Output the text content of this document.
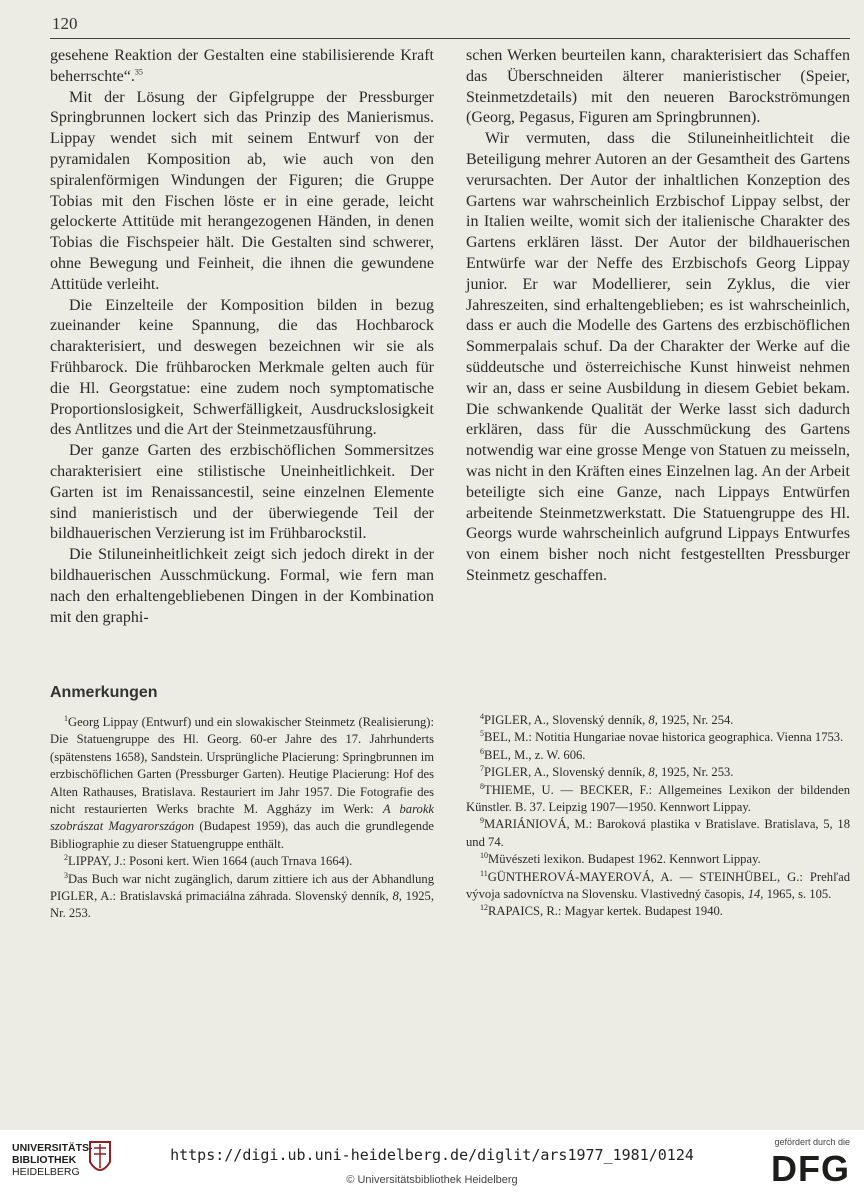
120

gesehene Reaktion der Gestalten eine stabilisierende Kraft beherrschte“.$^{35}$

Mit der Lösung der Gipfelgruppe der Pressburger Springbrunnen lockert sich das Prinzip des Manierismus. Lippay wendet sich mit seinem Entwurf von der pyramidalen Komposition ab, wie auch von den spiralenförmigen Windungen der Figuren; die Gruppe Tobias mit den Fischen löste er in eine gerade, leicht gelockerte Attitüde mit herangezogenen Händen, in denen Tobias die Fischspeier hält. Die Gestalten sind schwerer, ohne Bewegung und Feinheit, die ihnen die gewundene Attitüde verleiht.

Die Einzelteile der Komposition bilden in bezug zueinander keine Spannung, die das Hochbarock charakterisiert, und deswegen bezeichnen wir sie als Frühbarock. Die frühbarocken Merkmale gelten auch für die Hl. Georgstatue: eine zudem noch symptomatische Proportionslosigkeit, Schwerfälligkeit, Ausdruckslosigkeit des Antlitzes und die Art der Steinmetzausführung.

Der ganze Garten des erzbischöflichen Sommersitzes charakterisiert eine stilistische Uneinheitlichkeit. Der Garten ist im Renaissancestil, seine einzelnen Elemente sind manieristisch und der überwiegende Teil der bildhauerischen Verzierung ist im Frühbarockstil.

Die Stiluneinheitlichkeit zeigt sich jedoch direkt in der bildhauerischen Ausschmückung. Formal, wie fern man nach den erhaltengebliebenen Dingen in der Kombination mit den graphi-

schen Werken beurteilen kann, charakterisiert das Schaffen das Überschneiden älterer manieristischer (Speier, Steinmetzdetails) mit den neueren Barockströmungen (Georg, Pegasus, Figuren am Springbrunnen).

Wir vermuten, dass die Stiluneinheitlichteit die Beteiligung mehrer Autoren an der Gesamtheit des Gartens verursachten. Der Autor der inhaltlichen Konzeption des Gartens war wahrscheinlich Erzbischof Lippay selbst, der in Italien weilte, womit sich der italienische Charakter des Gartens erklären lässt. Der Autor der bildhauerischen Entwürfe war der Neffe des Erzbischofs Georg Lippay junior. Er war Modellierer, sein Zyklus, die vier Jahreszeiten, sind erhaltengeblieben; es ist wahrscheinlich, dass er auch die Modelle des Gartens des erzbischöflichen Sommerpalais schuf. Da der Charakter der Werke auf die süddeutsche und österreichische Kunst hinweist nehmen wir an, dass er seine Ausbildung in diesem Gebiet bekam. Die schwankende Qualität der Werke lasst sich dadurch erklären, dass für die Ausschmückung des Gartens notwendig war eine grosse Menge von Statuen zu meisseln, was nicht in den Kräften eines Einzelnen lag. An der Arbeit beteiligte sich eine Ganze, nach Lippays Entwürfen arbeitende Steinmetzwerkstatt. Die Statuengruppe des Hl. Georgs wurde wahrscheinlich aufgrund Lippays Entwurfes von einem bisher noch nicht festgestellten Pressburger Steinmetz geschaffen.

Anmerkungen

$^1$Georg Lippay (Entwurf) und ein slowakischer Steinmetz (Realisierung): Die Statuengruppe des Hl. Georg. 60-er Jahre des 17. Jahrhunderts (spätenstens 1658), Sandstein. Ursprüngliche Placierung: Springbrunnen im erzbischöflichen Garten (Pressburger Garten). Heutige Placierung: Hof des Alten Rathauses, Bratislava. Restauriert im Jahr 1957. Die Fotografie des nicht restaurierten Werks brachte M. Aggházy im Werk: A barokk szobrászat Magyarországon (Budapest 1959), das auch die grundlegende Bibliographie zu dieser Statuengruppe enthält.

$^2$LIPPAY, J.: Posoni kert. Wien 1664 (auch Trnava 1664).

$^3$Das Buch war nicht zugänglich, darum zittiere ich aus der Abhandlung PIGLER, A.: Bratislavská primaciálna záhrada. Slovenský denník, 8, 1925, Nr. 253.

$^4$PIGLER, A., Slovenský denník, 8, 1925, Nr. 254.

$^5$BEL, M.: Notitia Hungariae novae historica geographica. Vienna 1753.

$^6$BEL, M., z. W. 606.

$^7$PIGLER, A., Slovenský denník, 8, 1925, Nr. 253.

$^8$THIEME, U. — BECKER, F.: Allgemeines Lexikon der bildenden Künstler. B. 37. Leipzig 1907—1950. Kennwort Lippay.

$^9$MARIÁNIOVÁ, M.: Baroková plastika v Bratislave. Bratislava, 5, 18 und 74.

$^{10}$Müvészeti lexikon. Budapest 1962. Kennwort Lippay.

$^{11}$GÜNTHEROVÁ-MAYEROVÁ, A. — STEINHÜBEL, G.: Prehľad vývoja sadovníctva na Slovensku. Vlastivedný časopis, 14, 1965, s. 105.

$^{12}$RAPAICS, R.: Magyar kertek. Budapest 1940.

UNIVERSITÄTS-
BIBLIOTHEK
HEIDELBERG
https://digi.ub.uni-heidelberg.de/diglit/ars1977_1981/0124
© Universitätsbibliothek Heidelberg
gefördert durch die
DFG
